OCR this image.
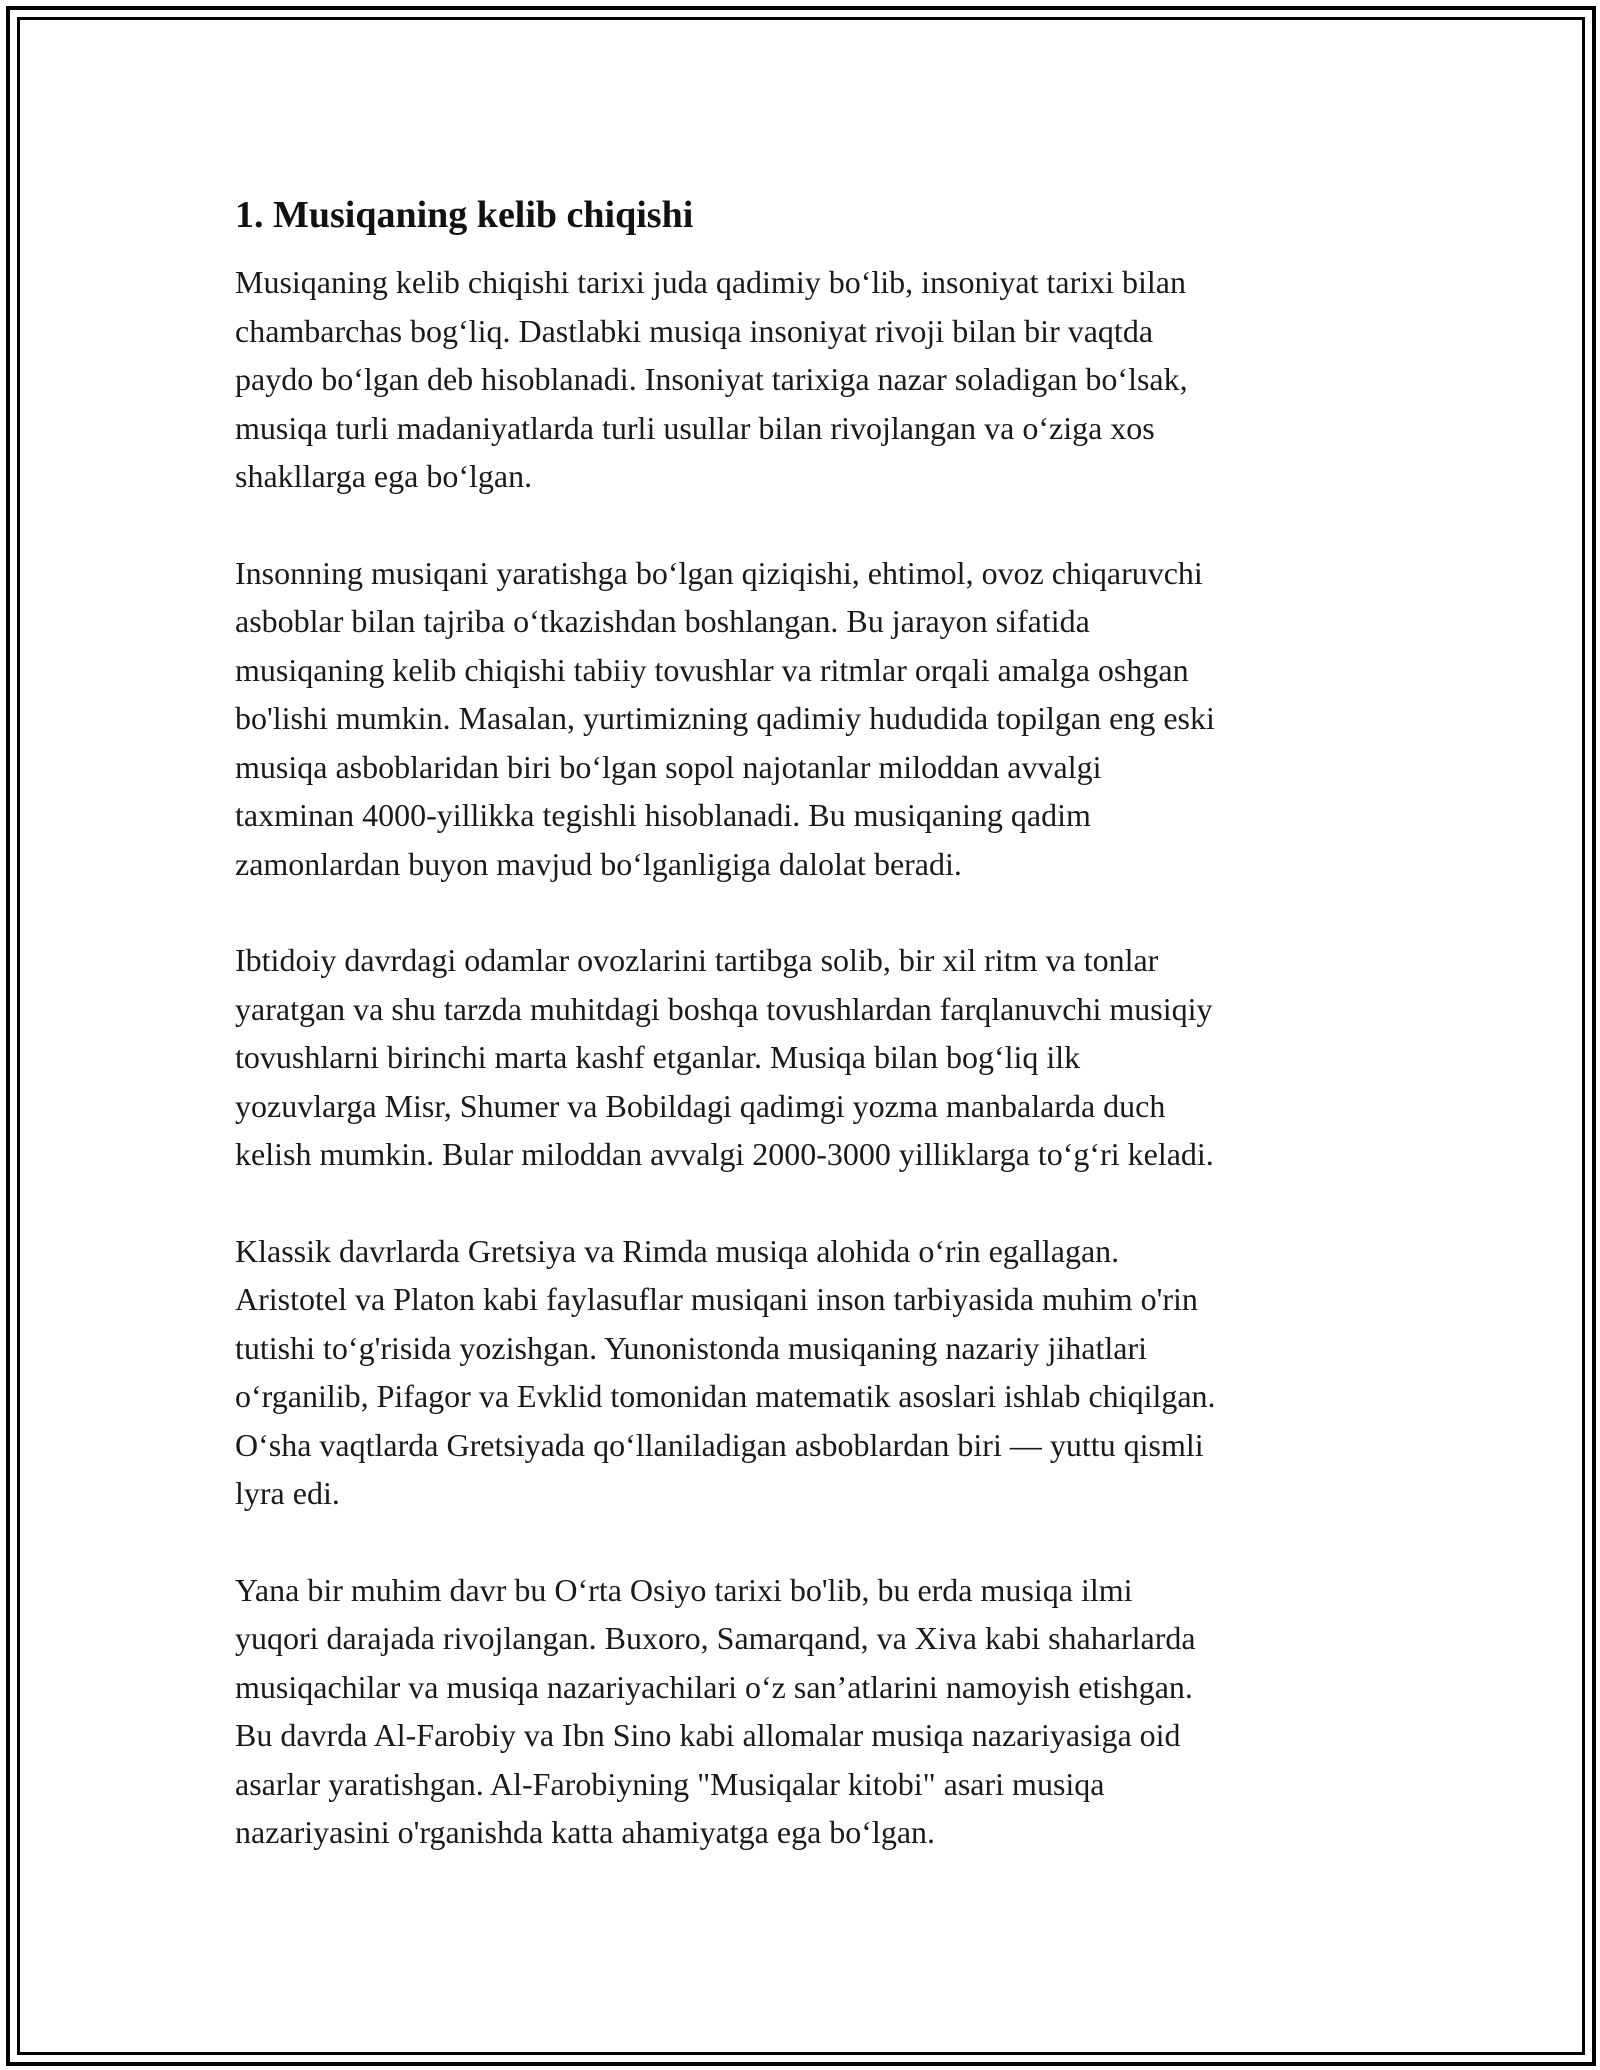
1. Musiqaning kelib chiqishi

Musiqaning kelib chiqishi tarixi juda qadimiy boʻlib, insoniyat tarixi bilan
chambarchas bogʻliq. Dastlabki musiqa insoniyat rivoji bilan bir vaqtda
paydo boʻlgan deb hisoblanadi. Insoniyat tarixiga nazar soladigan boʻlsak,
musiqa turli madaniyatlarda turli usullar bilan rivojlangan va oʻziga xos
shakllarga ega boʻlgan.

Insonning musiqani yaratishga boʻlgan qiziqishi, ehtimol, ovoz chiqaruvchi
asboblar bilan tajriba oʻtkazishdan boshlangan. Bu jarayon sifatida
musiqaning kelib chiqishi tabiiy tovushlar va ritmlar orqali amalga oshgan
bo'lishi mumkin. Masalan, yurtimizning qadimiy hududida topilgan eng eski
musiqa asboblaridan biri boʻlgan sopol najotanlar miloddan avvalgi
taxminan 4000-yillikka tegishli hisoblanadi. Bu musiqaning qadim
zamonlardan buyon mavjud boʻlganligiga dalolat beradi.

Ibtidoiy davrdagi odamlar ovozlarini tartibga solib, bir xil ritm va tonlar
yaratgan va shu tarzda muhitdagi boshqa tovushlardan farqlanuvchi musiqiy
tovushlarni birinchi marta kashf etganlar. Musiqa bilan bogʻliq ilk
yozuvlarga Misr, Shumer va Bobildagi qadimgi yozma manbalarda duch
kelish mumkin. Bular miloddan avvalgi 2000-3000 yilliklarga toʻgʻri keladi.

Klassik davrlarda Gretsiya va Rimda musiqa alohida oʻrin egallagan.
Aristotel va Platon kabi faylasuflar musiqani inson tarbiyasida muhim o'rin
tutishi toʻg'risida yozishgan. Yunonistonda musiqaning nazariy jihatlari
oʻrganilib, Pifagor va Evklid tomonidan matematik asoslari ishlab chiqilgan.
Oʻsha vaqtlarda Gretsiyada qoʻllaniladigan asboblardan biri — yuttu qismli
lyra edi.

Yana bir muhim davr bu Oʻrta Osiyo tarixi bo'lib, bu erda musiqa ilmi
yuqori darajada rivojlangan. Buxoro, Samarqand, va Xiva kabi shaharlarda
musiqachilar va musiqa nazariyachilari oʻz san’atlarini namoyish etishgan.
Bu davrda Al-Farobiy va Ibn Sino kabi allomalar musiqa nazariyasiga oid
asarlar yaratishgan. Al-Farobiyning "Musiqalar kitobi" asari musiqa
nazariyasini o'rganishda katta ahamiyatga ega boʻlgan.
